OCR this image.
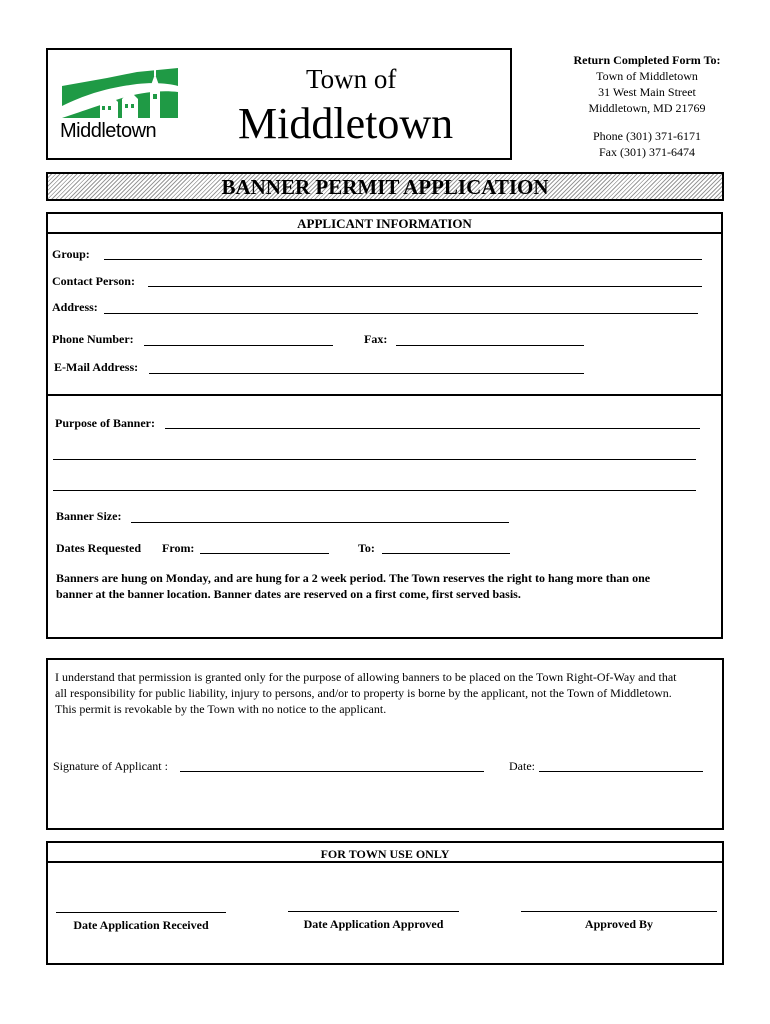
Middletown
Town of
Middletown
Return Completed Form To:
Town of Middletown
31 West Main Street
Middletown, MD 21769
Phone (301) 371-6171
Fax (301) 371-6474
BANNER PERMIT APPLICATION
APPLICANT INFORMATION
Group:
Contact Person:
Address:
Phone Number:	Fax:
E-Mail Address:
Purpose of Banner:
Banner Size:
Dates Requested From:	To:
Banners are hung on Monday, and are hung for a 2 week period. The Town reserves the right to hang more than one
banner at the banner location. Banner dates are reserved on a first come, first served basis.
I understand that permission is granted only for the purpose of allowing banners to be placed on the Town Right-Of-Way and that
all responsibility for public liability, injury to persons, and/or to property is borne by the applicant, not the Town of Middletown.
This permit is revokable by the Town with no notice to the applicant.
Signature of Applicant :	Date:
FOR TOWN USE ONLY
Date Application Received	Date Application Approved	Approved By
